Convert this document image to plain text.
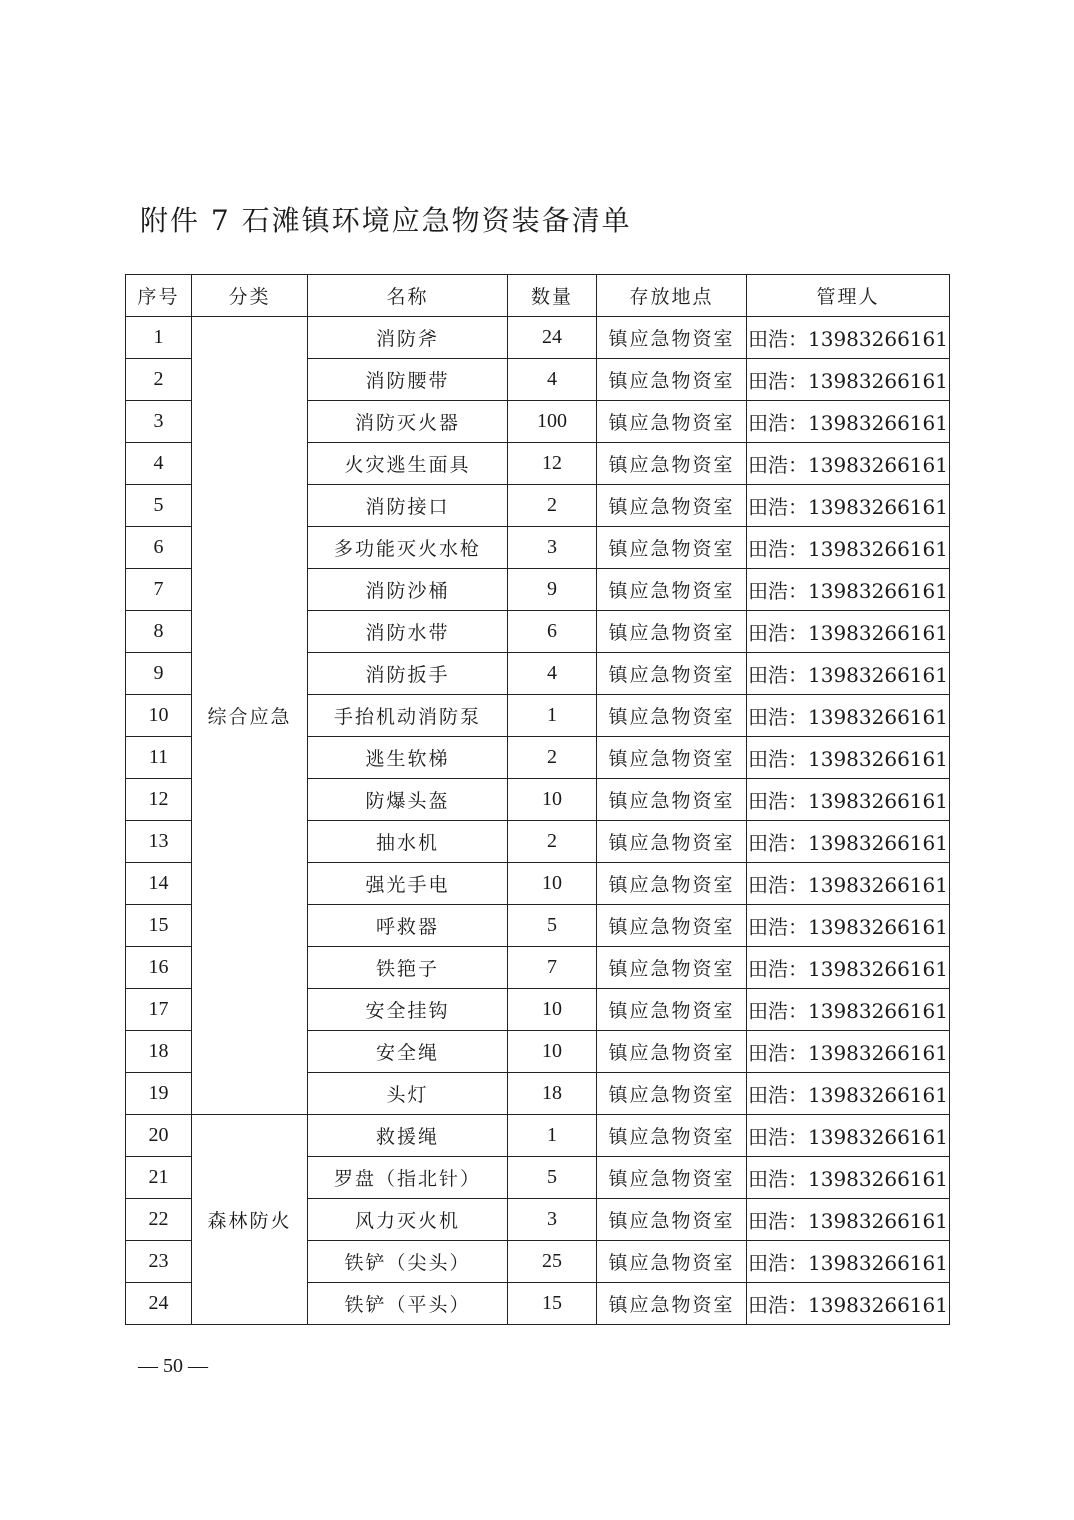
附件 7 石滩镇环境应急物资装备清单
序号	分类	名称	数量	存放地点	管理人
1	综合应急	消防斧	24	镇应急物资室	田浩：13983266161
2		消防腰带	4	镇应急物资室	田浩：13983266161
3		消防灭火器	100	镇应急物资室	田浩：13983266161
4		火灾逃生面具	12	镇应急物资室	田浩：13983266161
5		消防接口	2	镇应急物资室	田浩：13983266161
6		多功能灭火水枪	3	镇应急物资室	田浩：13983266161
7		消防沙桶	9	镇应急物资室	田浩：13983266161
8		消防水带	6	镇应急物资室	田浩：13983266161
9		消防扳手	4	镇应急物资室	田浩：13983266161
10		手抬机动消防泵	1	镇应急物资室	田浩：13983266161
11		逃生软梯	2	镇应急物资室	田浩：13983266161
12		防爆头盔	10	镇应急物资室	田浩：13983266161
13		抽水机	2	镇应急物资室	田浩：13983266161
14		强光手电	10	镇应急物资室	田浩：13983266161
15		呼救器	5	镇应急物资室	田浩：13983266161
16		铁筢子	7	镇应急物资室	田浩：13983266161
17		安全挂钩	10	镇应急物资室	田浩：13983266161
18		安全绳	10	镇应急物资室	田浩：13983266161
19		头灯	18	镇应急物资室	田浩：13983266161
20	森林防火	救援绳	1	镇应急物资室	田浩：13983266161
21		罗盘（指北针）	5	镇应急物资室	田浩：13983266161
22		风力灭火机	3	镇应急物资室	田浩：13983266161
23		铁铲（尖头）	25	镇应急物资室	田浩：13983266161
24		铁铲（平头）	15	镇应急物资室	田浩：13983266161
— 50 —
